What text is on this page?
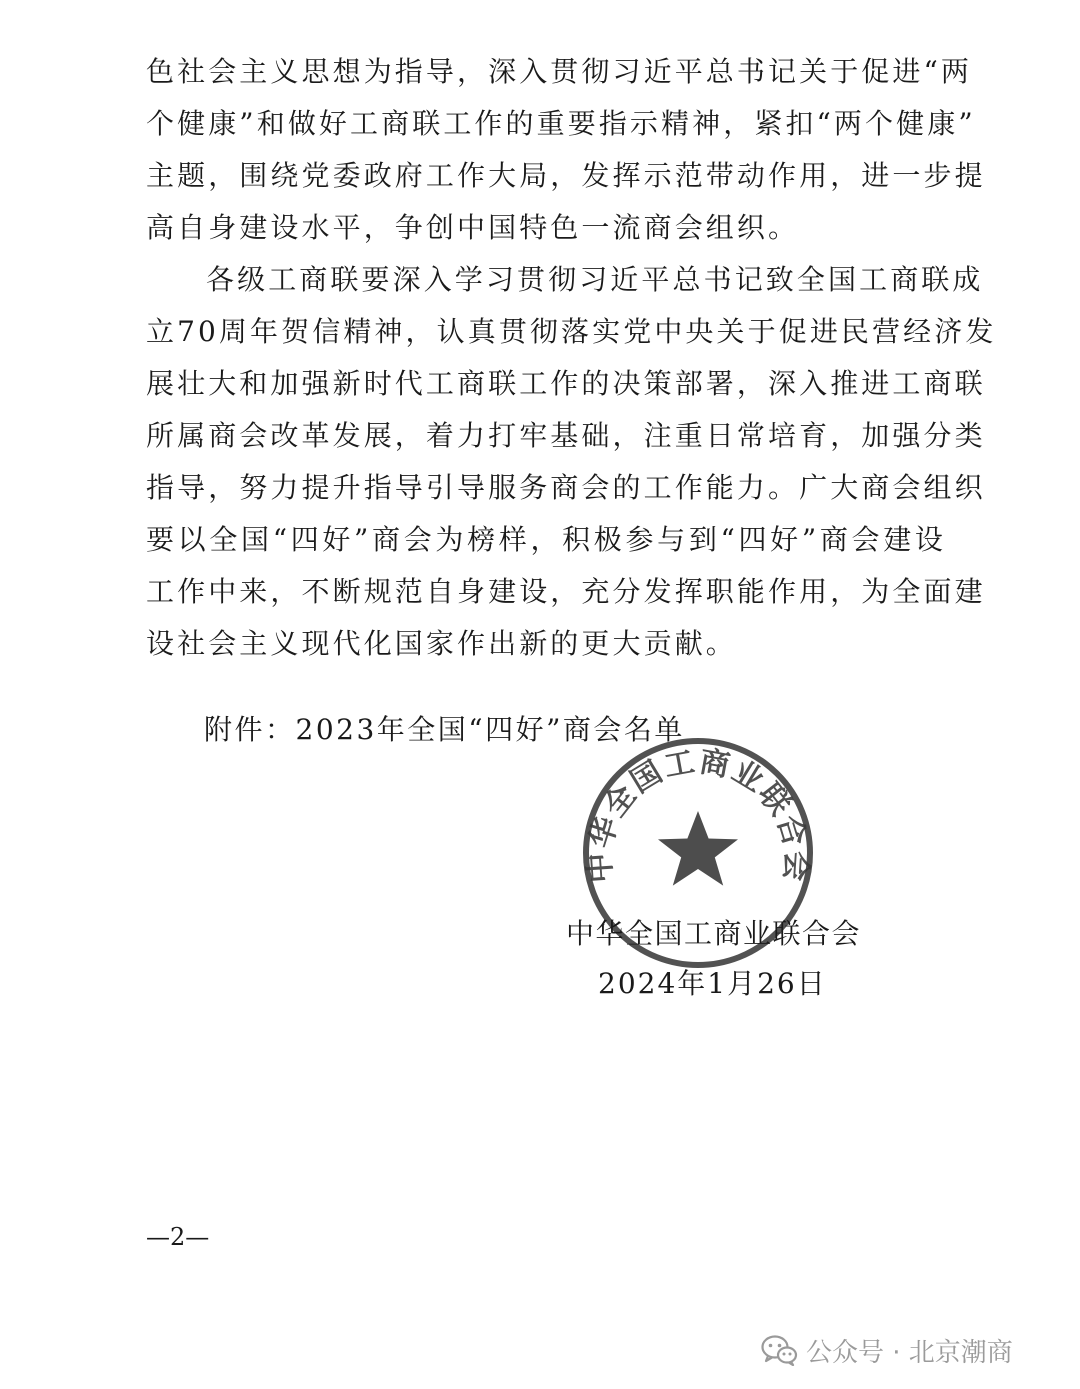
色社会主义思想为指导，深入贯彻习近平总书记关于促进“两
个健康”和做好工商联工作的重要指示精神，紧扣“两个健康”
主题，围绕党委政府工作大局，发挥示范带动作用，进一步提
高自身建设水平，争创中国特色一流商会组织。
各级工商联要深入学习贯彻习近平总书记致全国工商联成
立70周年贺信精神，认真贯彻落实党中央关于促进民营经济发
展壮大和加强新时代工商联工作的决策部署，深入推进工商联
所属商会改革发展，着力打牢基础，注重日常培育，加强分类
指导，努力提升指导引导服务商会的工作能力。广大商会组织
要以全国“四好”商会为榜样，积极参与到“四好”商会建设
工作中来，不断规范自身建设，充分发挥职能作用，为全面建
设社会主义现代化国家作出新的更大贡献。
附件：2023年全国“四好”商会名单
中华全国工商业联合会
中华全国工商业联合会
2024年1月26日
—2—
公众号 · 北京潮商
